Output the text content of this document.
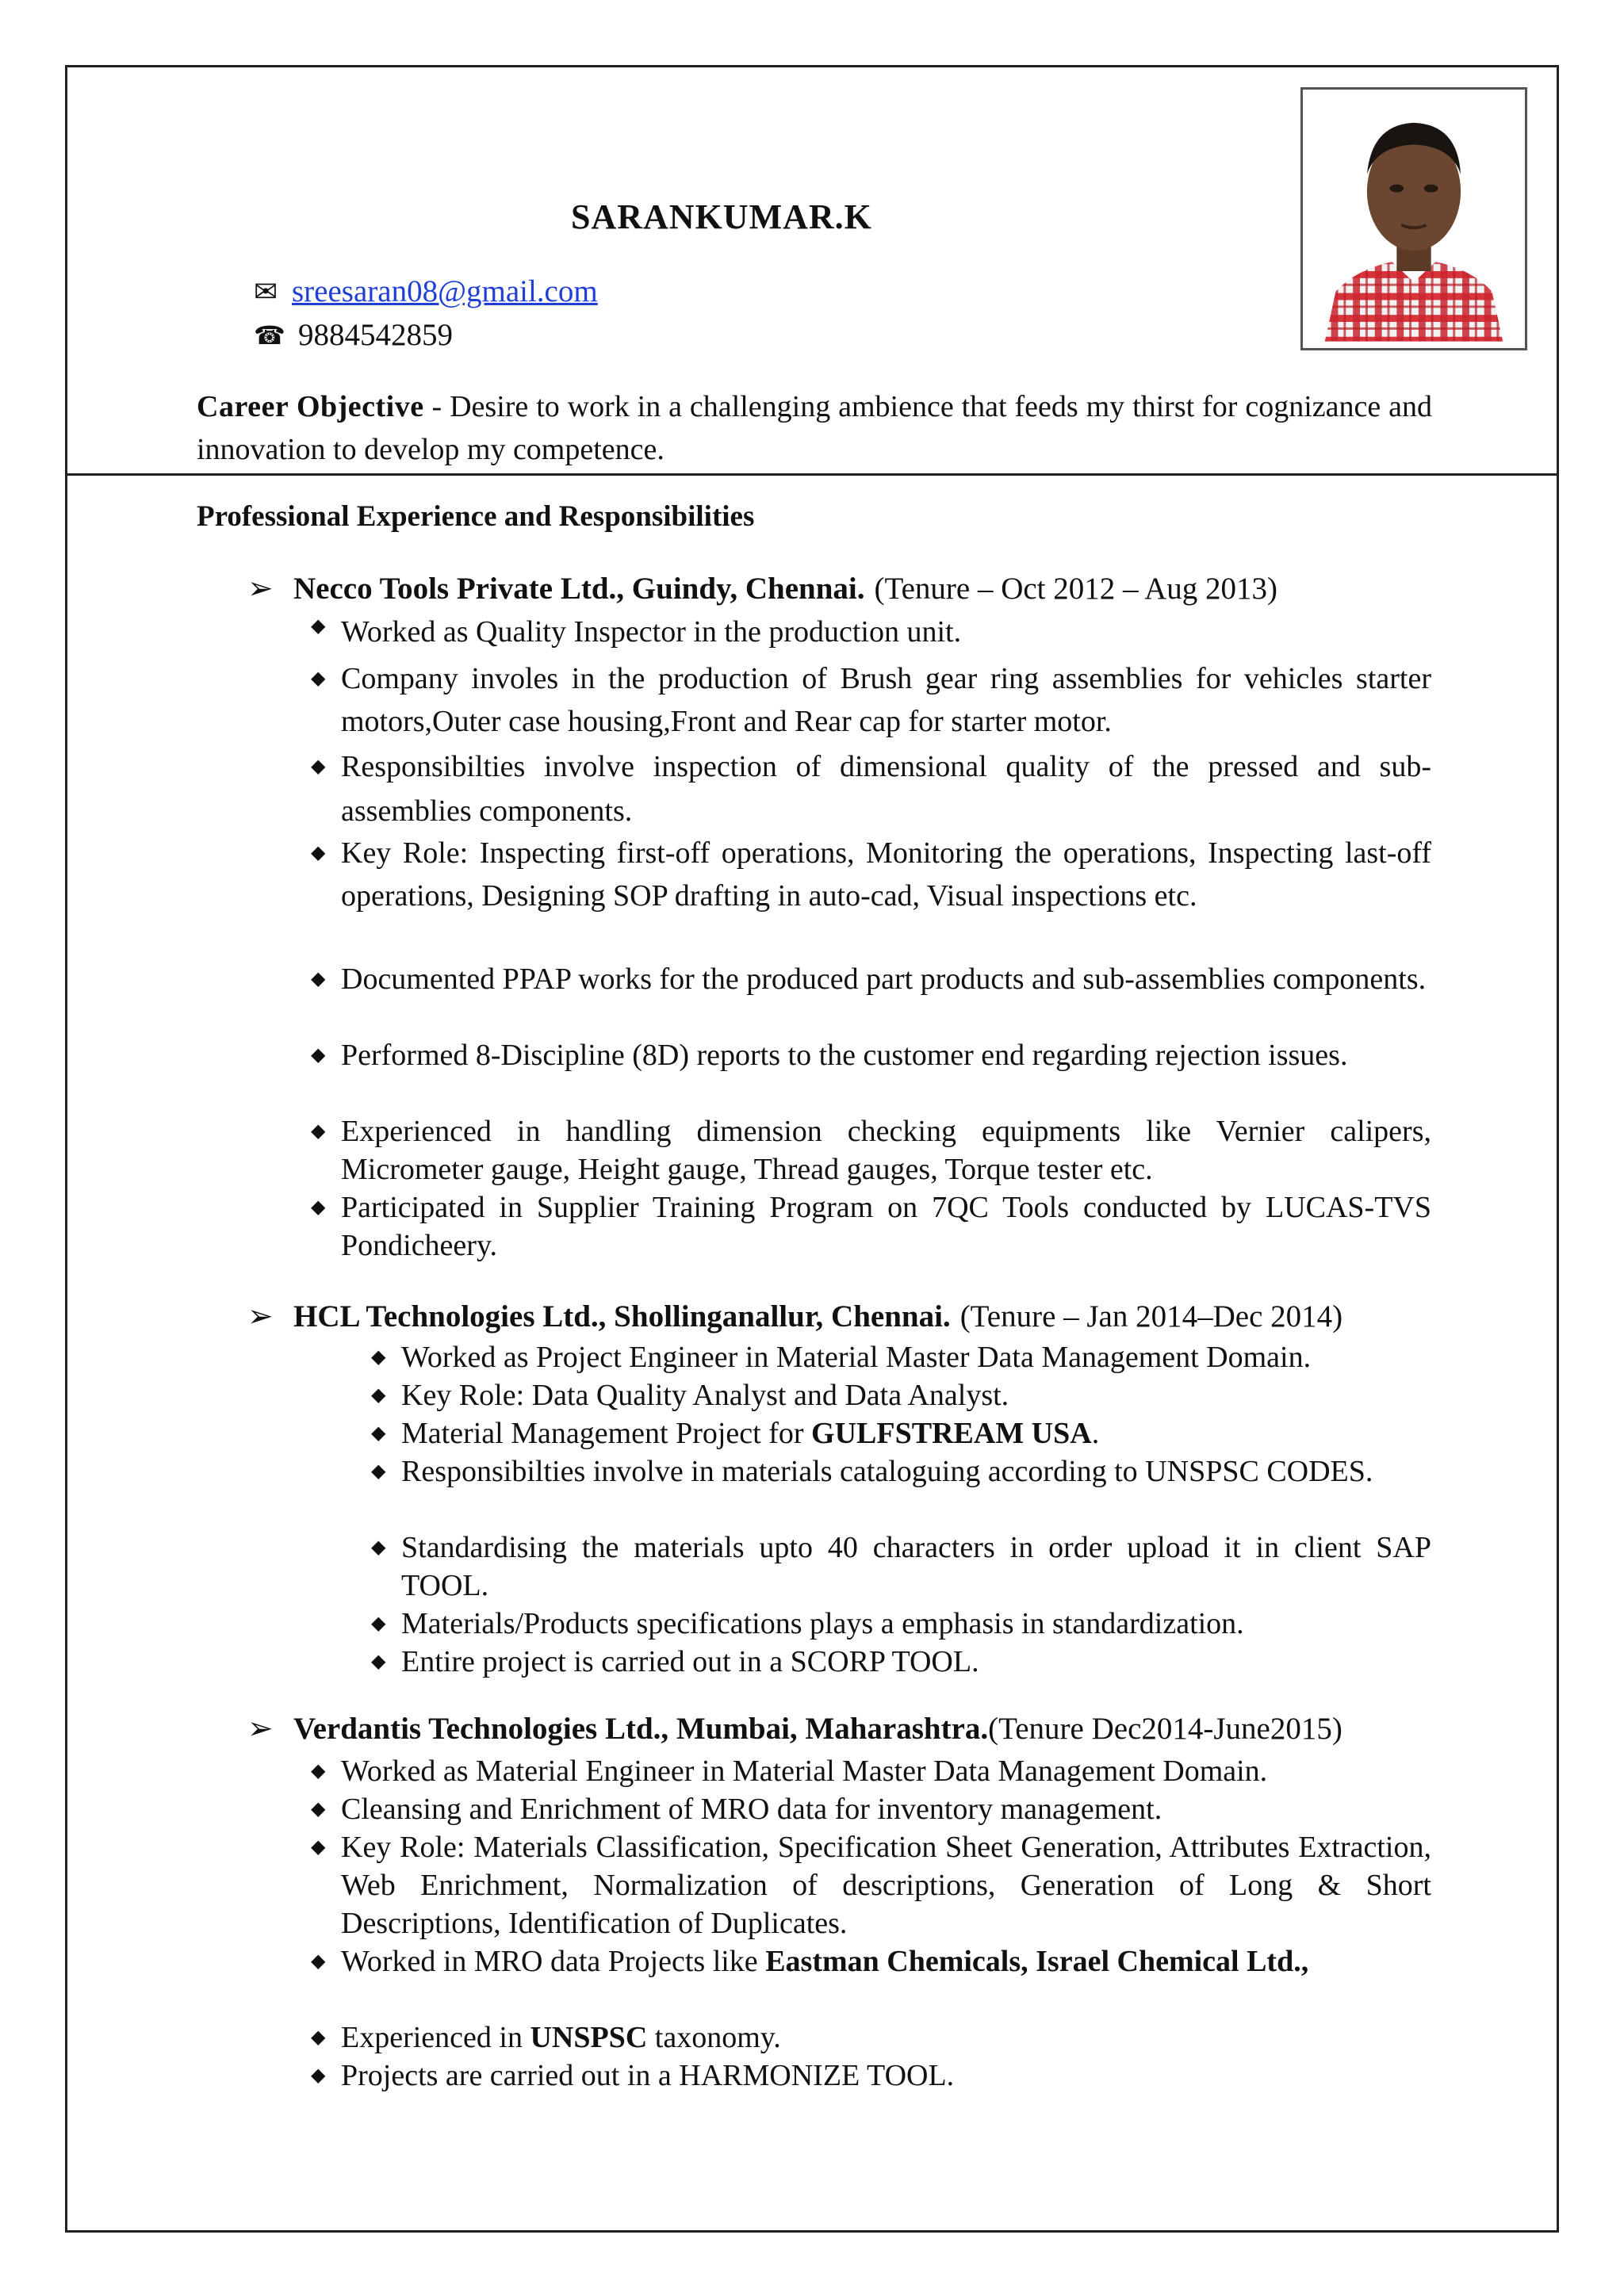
SARANKUMAR.K
✉ sreesaran08@gmail.com
☎ 9884542859
Career Objective - Desire to work in a challenging ambience that feeds my thirst for cognizance and innovation to develop my competence.
Professional Experience and Responsibilities
➢ Necco Tools Private Ltd., Guindy, Chennai. (Tenure – Oct 2012 – Aug 2013)
◆ Worked as Quality Inspector in the production unit.
◆ Company involes in the production of Brush gear ring assemblies for vehicles starter motors,Outer case housing,Front and Rear cap for starter motor.
◆ Responsibilties involve inspection of dimensional quality of the pressed and sub-assemblies components.
◆ Key Role: Inspecting first-off operations, Monitoring the operations, Inspecting last-off operations, Designing SOP drafting in auto-cad, Visual inspections etc.
◆ Documented PPAP works for the produced part products and sub-assemblies components.
◆ Performed 8-Discipline (8D) reports to the customer end regarding rejection issues.
◆ Experienced in handling dimension checking equipments like Vernier calipers, Micrometer gauge, Height gauge, Thread gauges, Torque tester etc.
◆ Participated in Supplier Training Program on 7QC Tools conducted by LUCAS-TVS Pondicheery.
➢ HCL Technologies Ltd., Shollinganallur, Chennai. (Tenure – Jan 2014–Dec 2014)
◆ Worked as Project Engineer in Material Master Data Management Domain.
◆ Key Role: Data Quality Analyst and Data Analyst.
◆ Material Management Project for GULFSTREAM USA.
◆ Responsibilties involve in materials cataloguing according to UNSPSC CODES.
◆ Standardising the materials upto 40 characters in order upload it in client SAP TOOL.
◆ Materials/Products specifications plays a emphasis in standardization.
◆ Entire project is carried out in a SCORP TOOL.
➢ Verdantis Technologies Ltd., Mumbai, Maharashtra. (Tenure Dec2014-June2015)
◆ Worked as Material Engineer in Material Master Data Management Domain.
◆ Cleansing and Enrichment of MRO data for inventory management.
◆ Key Role: Materials Classification, Specification Sheet Generation, Attributes Extraction, Web Enrichment, Normalization of descriptions, Generation of Long & Short Descriptions, Identification of Duplicates.
◆ Worked in MRO data Projects like Eastman Chemicals, Israel Chemical Ltd.,
◆ Experienced in UNSPSC taxonomy.
◆ Projects are carried out in a HARMONIZE TOOL.
